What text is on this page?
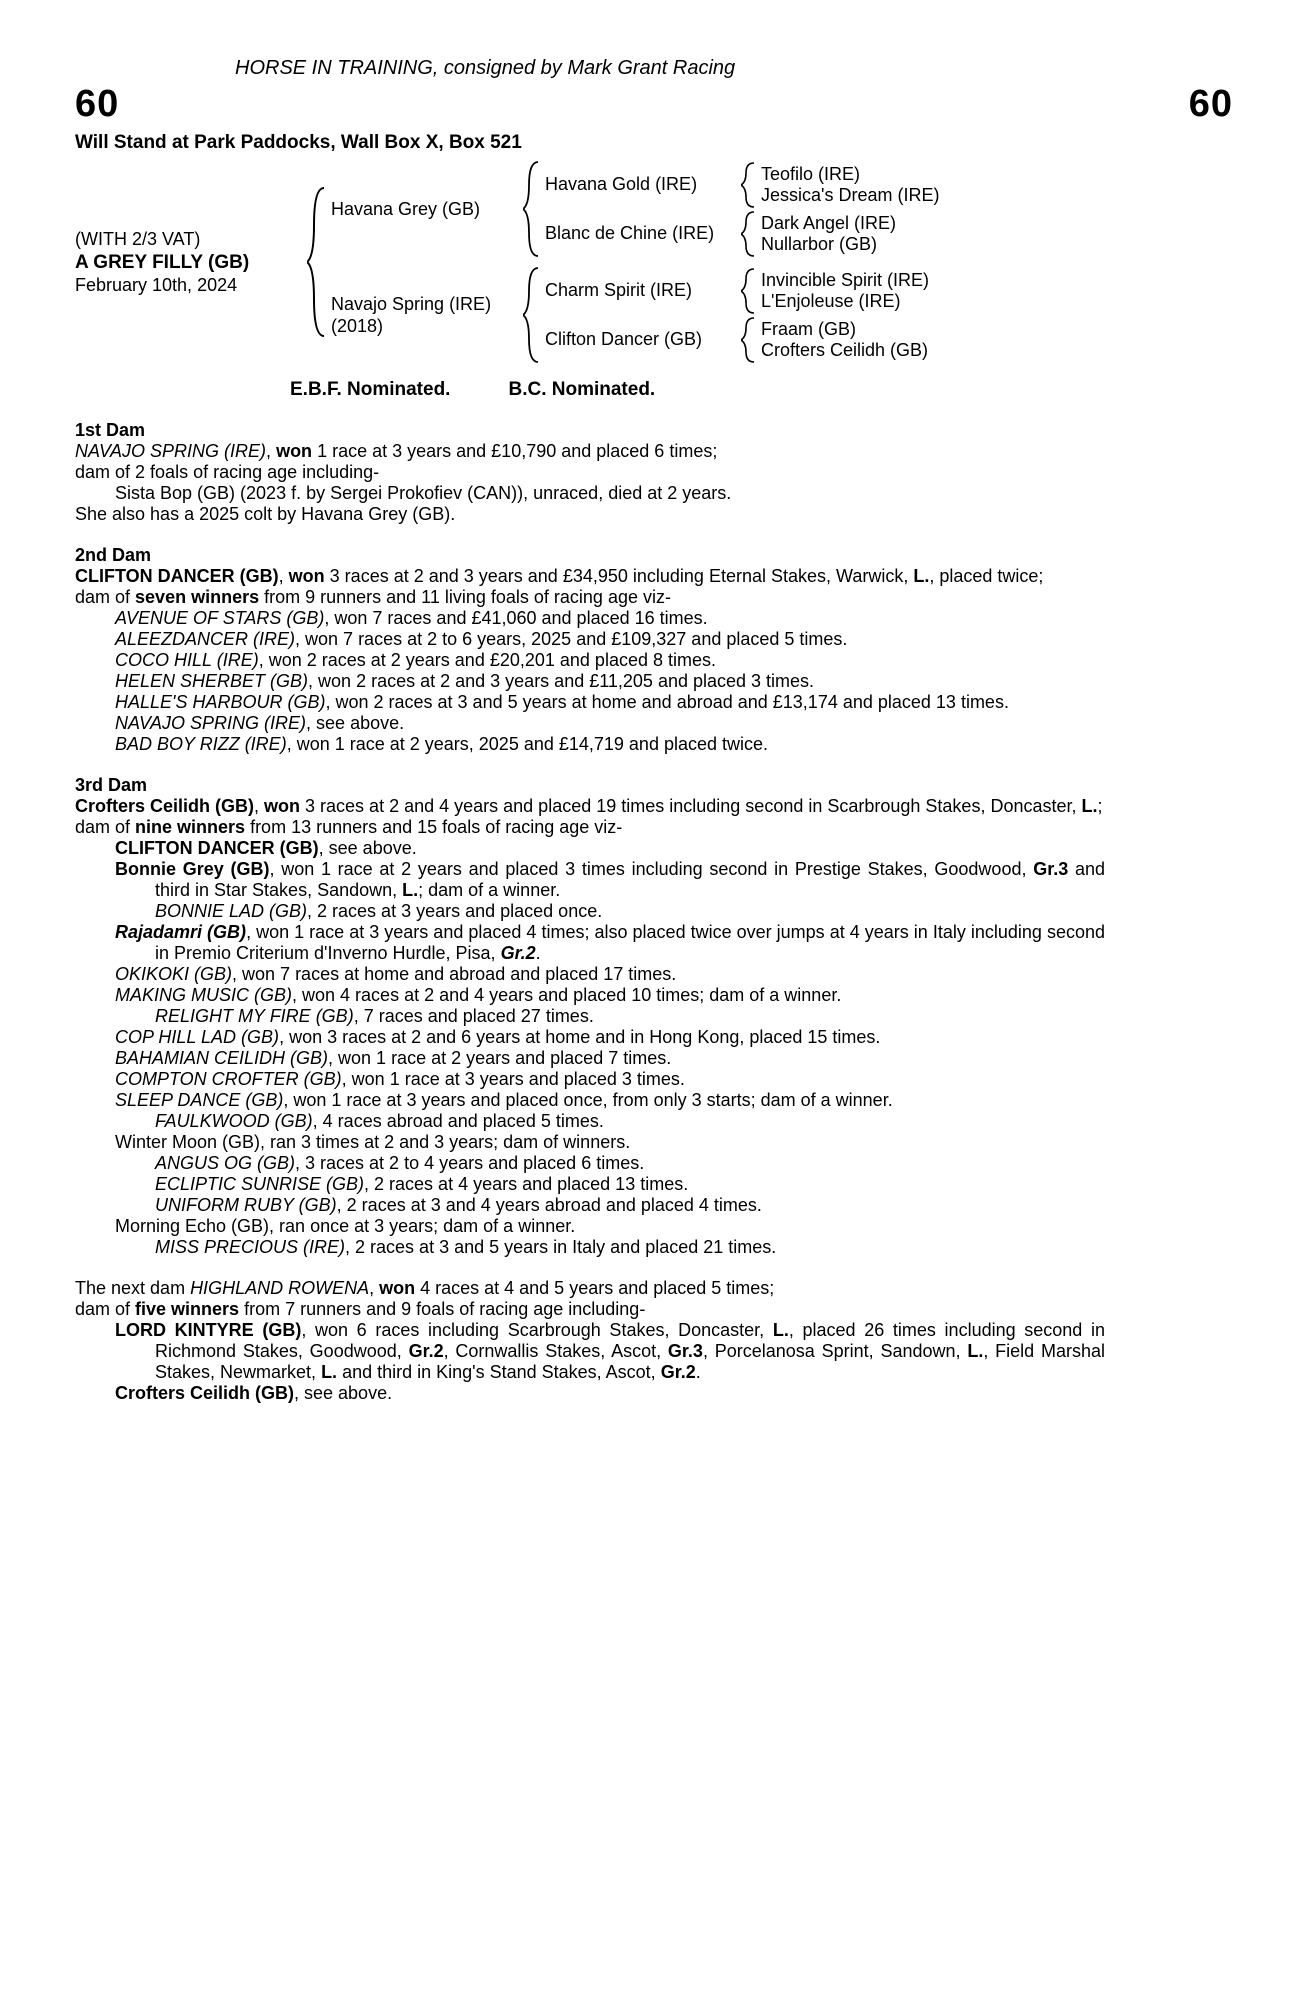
HORSE IN TRAINING, consigned by Mark Grant Racing
60	60
Will Stand at Park Paddocks, Wall Box X, Box 521
(WITH 2/3 VAT)
A GREY FILLY (GB)
February 10th, 2024
Havana Grey (GB)
Havana Gold (IRE)
Teofilo (IRE)
Jessica's Dream (IRE)
Blanc de Chine (IRE)
Dark Angel (IRE)
Nullarbor (GB)
Navajo Spring (IRE)
(2018)
Charm Spirit (IRE)
Invincible Spirit (IRE)
L'Enjoleuse (IRE)
Clifton Dancer (GB)
Fraam (GB)
Crofters Ceilidh (GB)
E.B.F. Nominated.	B.C. Nominated.
1st Dam
NAVAJO SPRING (IRE), won 1 race at 3 years and £10,790 and placed 6 times;
dam of 2 foals of racing age including-
Sista Bop (GB) (2023 f. by Sergei Prokofiev (CAN)), unraced, died at 2 years.
She also has a 2025 colt by Havana Grey (GB).
2nd Dam
CLIFTON DANCER (GB), won 3 races at 2 and 3 years and £34,950 including Eternal Stakes, Warwick, L., placed twice;
dam of seven winners from 9 runners and 11 living foals of racing age viz-
AVENUE OF STARS (GB), won 7 races and £41,060 and placed 16 times.
ALEEZDANCER (IRE), won 7 races at 2 to 6 years, 2025 and £109,327 and placed 5 times.
COCO HILL (IRE), won 2 races at 2 years and £20,201 and placed 8 times.
HELEN SHERBET (GB), won 2 races at 2 and 3 years and £11,205 and placed 3 times.
HALLE'S HARBOUR (GB), won 2 races at 3 and 5 years at home and abroad and £13,174 and placed 13 times.
NAVAJO SPRING (IRE), see above.
BAD BOY RIZZ (IRE), won 1 race at 2 years, 2025 and £14,719 and placed twice.
3rd Dam
Crofters Ceilidh (GB), won 3 races at 2 and 4 years and placed 19 times including second in Scarbrough Stakes, Doncaster, L.;
dam of nine winners from 13 runners and 15 foals of racing age viz-
CLIFTON DANCER (GB), see above.
Bonnie Grey (GB), won 1 race at 2 years and placed 3 times including second in Prestige Stakes, Goodwood, Gr.3 and third in Star Stakes, Sandown, L.; dam of a winner.
BONNIE LAD (GB), 2 races at 3 years and placed once.
Rajadamri (GB), won 1 race at 3 years and placed 4 times; also placed twice over jumps at 4 years in Italy including second in Premio Criterium d'Inverno Hurdle, Pisa, Gr.2.
OKIKOKI (GB), won 7 races at home and abroad and placed 17 times.
MAKING MUSIC (GB), won 4 races at 2 and 4 years and placed 10 times; dam of a winner.
RELIGHT MY FIRE (GB), 7 races and placed 27 times.
COP HILL LAD (GB), won 3 races at 2 and 6 years at home and in Hong Kong, placed 15 times.
BAHAMIAN CEILIDH (GB), won 1 race at 2 years and placed 7 times.
COMPTON CROFTER (GB), won 1 race at 3 years and placed 3 times.
SLEEP DANCE (GB), won 1 race at 3 years and placed once, from only 3 starts; dam of a winner.
FAULKWOOD (GB), 4 races abroad and placed 5 times.
Winter Moon (GB), ran 3 times at 2 and 3 years; dam of winners.
ANGUS OG (GB), 3 races at 2 to 4 years and placed 6 times.
ECLIPTIC SUNRISE (GB), 2 races at 4 years and placed 13 times.
UNIFORM RUBY (GB), 2 races at 3 and 4 years abroad and placed 4 times.
Morning Echo (GB), ran once at 3 years; dam of a winner.
MISS PRECIOUS (IRE), 2 races at 3 and 5 years in Italy and placed 21 times.
The next dam HIGHLAND ROWENA, won 4 races at 4 and 5 years and placed 5 times;
dam of five winners from 7 runners and 9 foals of racing age including-
LORD KINTYRE (GB), won 6 races including Scarbrough Stakes, Doncaster, L., placed 26 times including second in Richmond Stakes, Goodwood, Gr.2, Cornwallis Stakes, Ascot, Gr.3, Porcelanosa Sprint, Sandown, L., Field Marshal Stakes, Newmarket, L. and third in King's Stand Stakes, Ascot, Gr.2.
Crofters Ceilidh (GB), see above.
